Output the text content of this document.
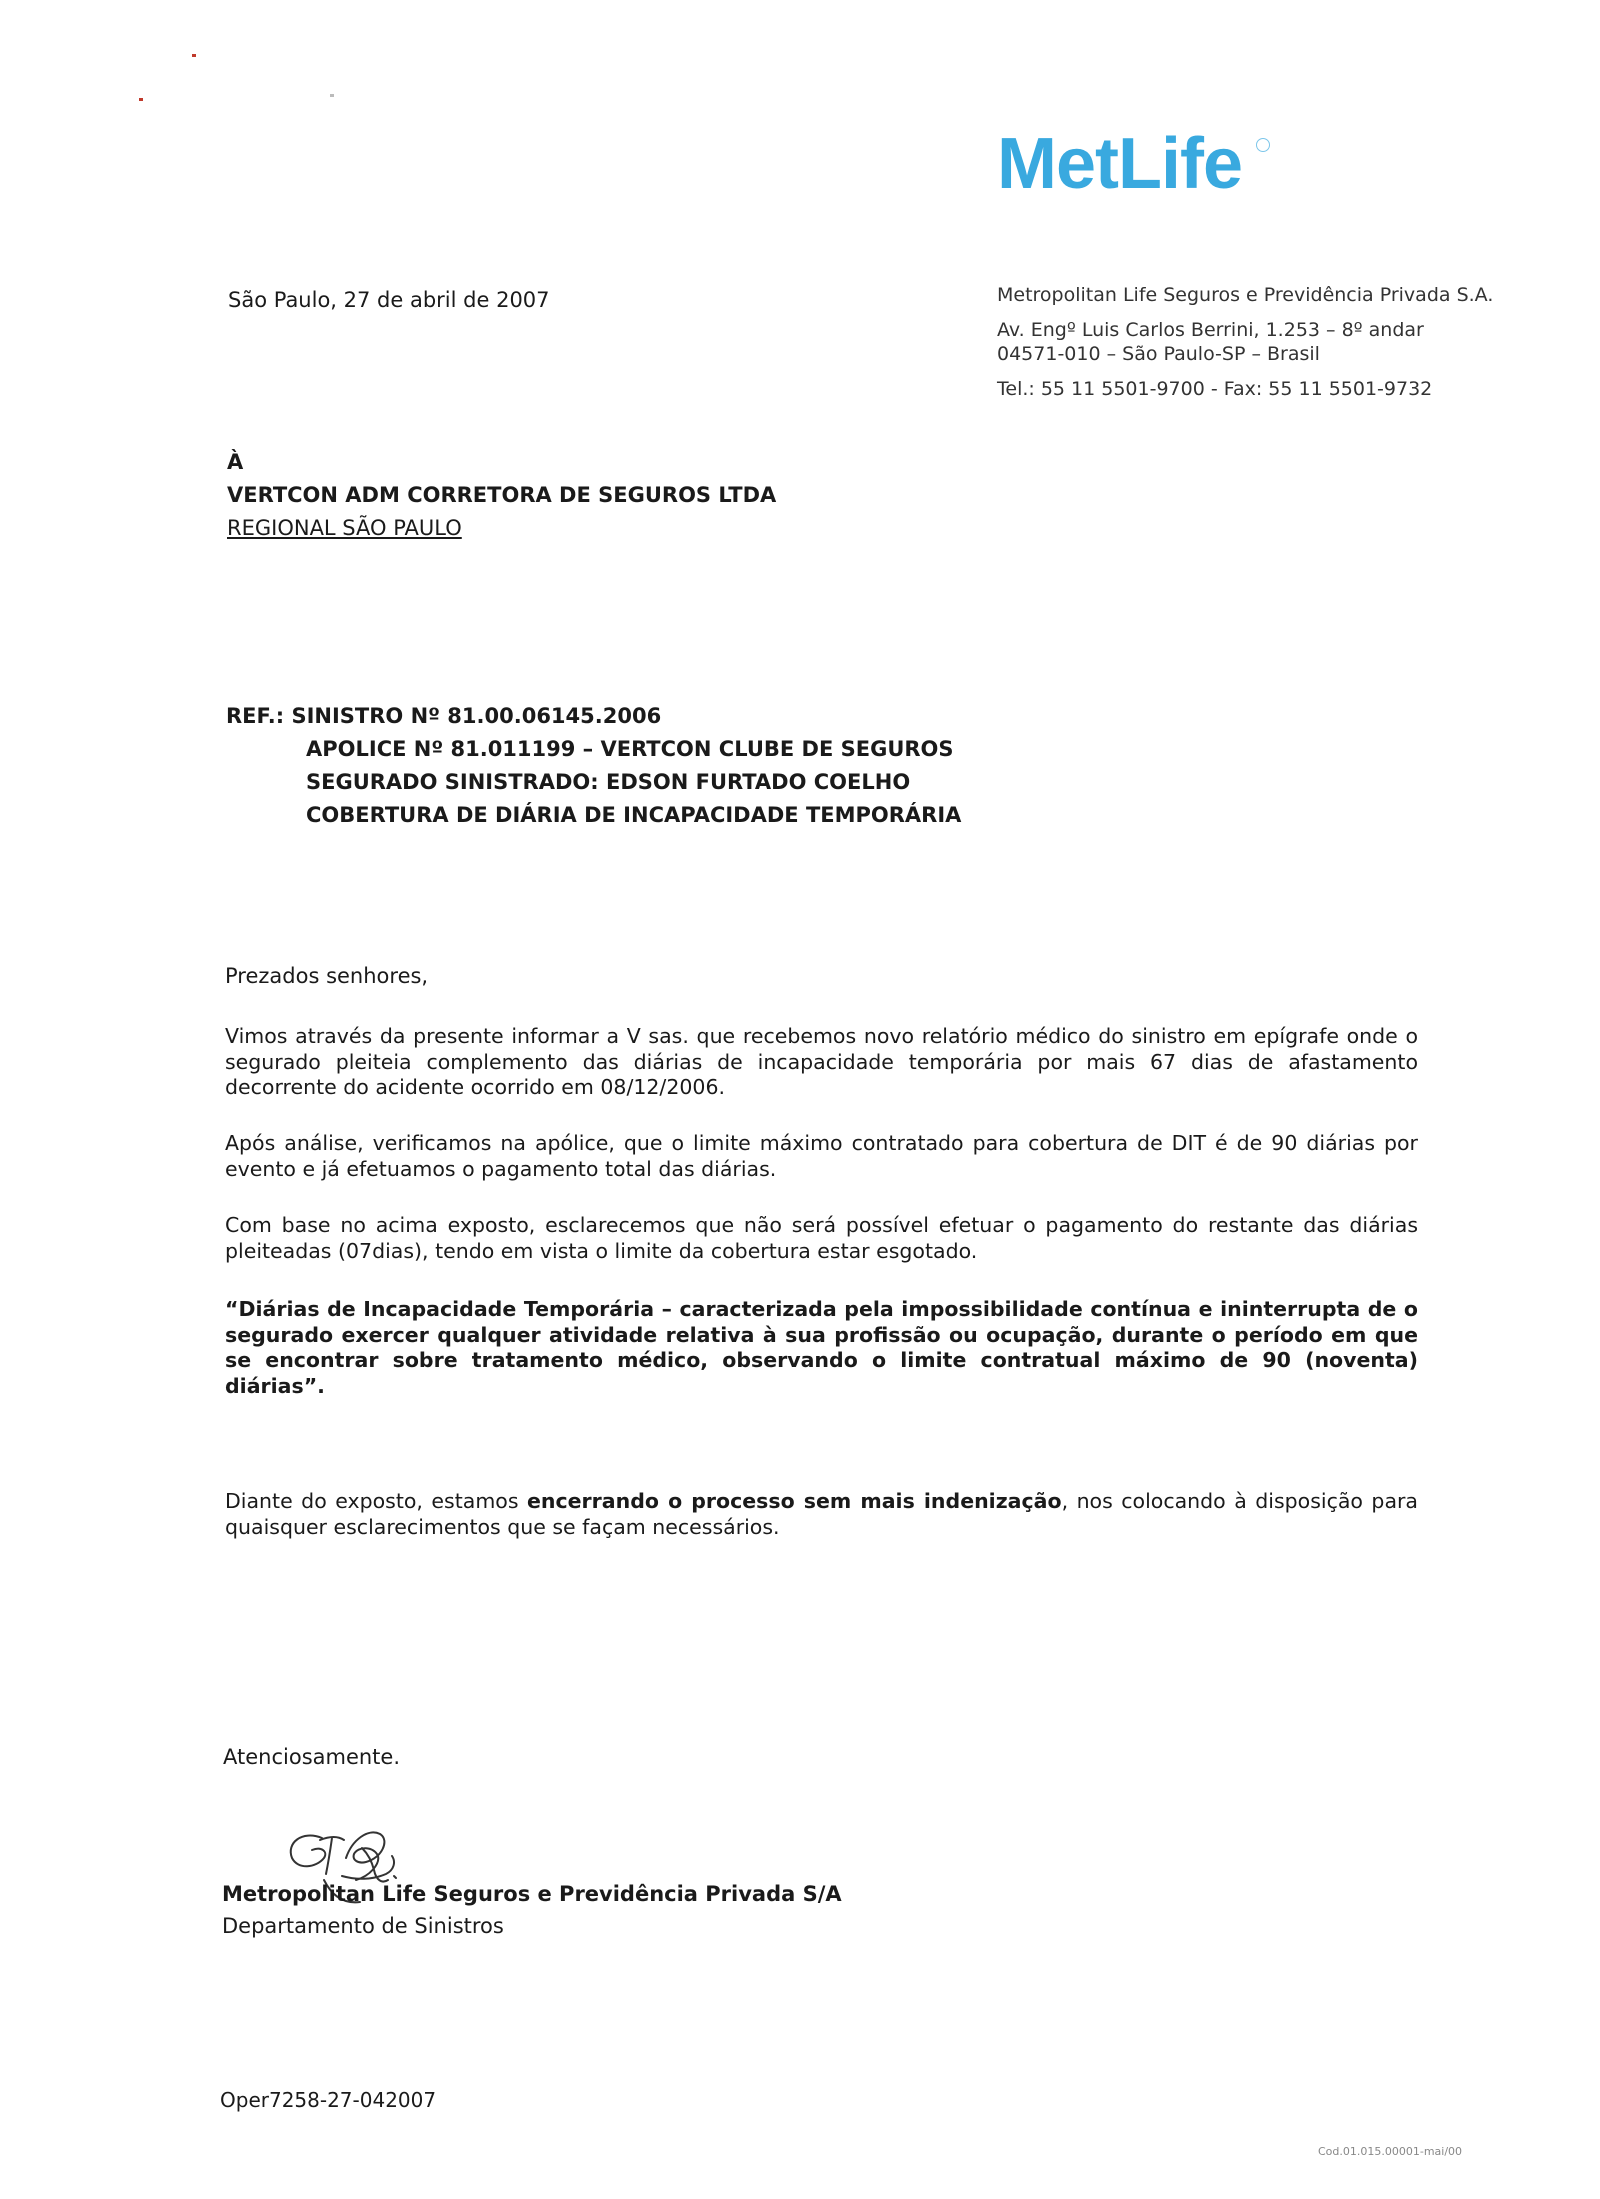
MetLife
São Paulo, 27 de abril de 2007	Metropolitan Life Seguros e Previdência Privada S.A.
Av. Engº Luis Carlos Berrini, 1.253 – 8º andar
04571-010 – São Paulo-SP – Brasil
Tel.: 55 11 5501-9700 - Fax: 55 11 5501-9732
À
VERTCON ADM CORRETORA DE SEGUROS LTDA
REGIONAL SÃO PAULO
REF.: SINISTRO Nº 81.00.06145.2006
APOLICE Nº 81.011199 – VERTCON CLUBE DE SEGUROS
SEGURADO SINISTRADO: EDSON FURTADO COELHO
COBERTURA DE DIÁRIA DE INCAPACIDADE TEMPORÁRIA
Prezados senhores,
Vimos através da presente informar a V sas. que recebemos novo relatório médico do sinistro em epígrafe onde o segurado pleiteia complemento das diárias de incapacidade temporária por mais 67 dias de afastamento decorrente do acidente ocorrido em 08/12/2006.
Após análise, verificamos na apólice, que o limite máximo contratado para cobertura de DIT é de 90 diárias por evento e já efetuamos o pagamento total das diárias.
Com base no acima exposto, esclarecemos que não será possível efetuar o pagamento do restante das diárias pleiteadas (07dias), tendo em vista o limite da cobertura estar esgotado.
“Diárias de Incapacidade Temporária – caracterizada pela impossibilidade contínua e ininterrupta de o segurado exercer qualquer atividade relativa à sua profissão ou ocupação, durante o período em que se encontrar sobre tratamento médico, observando o limite contratual máximo de 90 (noventa) diárias”.
Diante do exposto, estamos encerrando o processo sem mais indenização, nos colocando à disposição para quaisquer esclarecimentos que se façam necessários.
Atenciosamente.
Metropolitan Life Seguros e Previdência Privada S/A
Departamento de Sinistros
Oper7258-27-042007
Cod.01.015.00001-mai/00
